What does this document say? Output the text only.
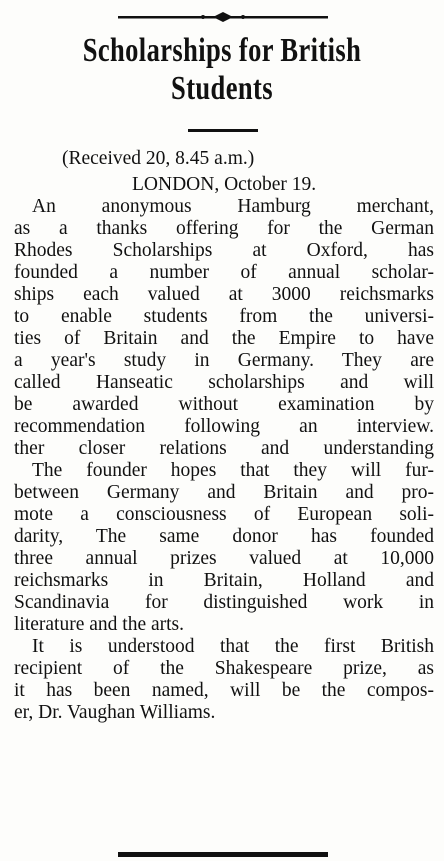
Scholarships for British
Students
(Received 20, 8.45 a.m.)
LONDON, October 19.
An anonymous Hamburg merchant,
as a thanks offering for the German
Rhodes Scholarships at Oxford, has
founded a number of annual scholar-
ships each valued at 3000 reichsmarks
to enable students from the universi-
ties of Britain and the Empire to have
a year's study in Germany. They are
called Hanseatic scholarships and will
be awarded without examination by
recommendation following an interview.
ther closer relations and understanding
The founder hopes that they will fur-
between Germany and Britain and pro-
mote a consciousness of European soli-
darity, The same donor has founded
three annual prizes valued at 10,000
reichsmarks in Britain, Holland and
Scandinavia for distinguished work in
literature and the arts.
It is understood that the first British
recipient of the Shakespeare prize, as
it has been named, will be the compos-
er, Dr. Vaughan Williams.
